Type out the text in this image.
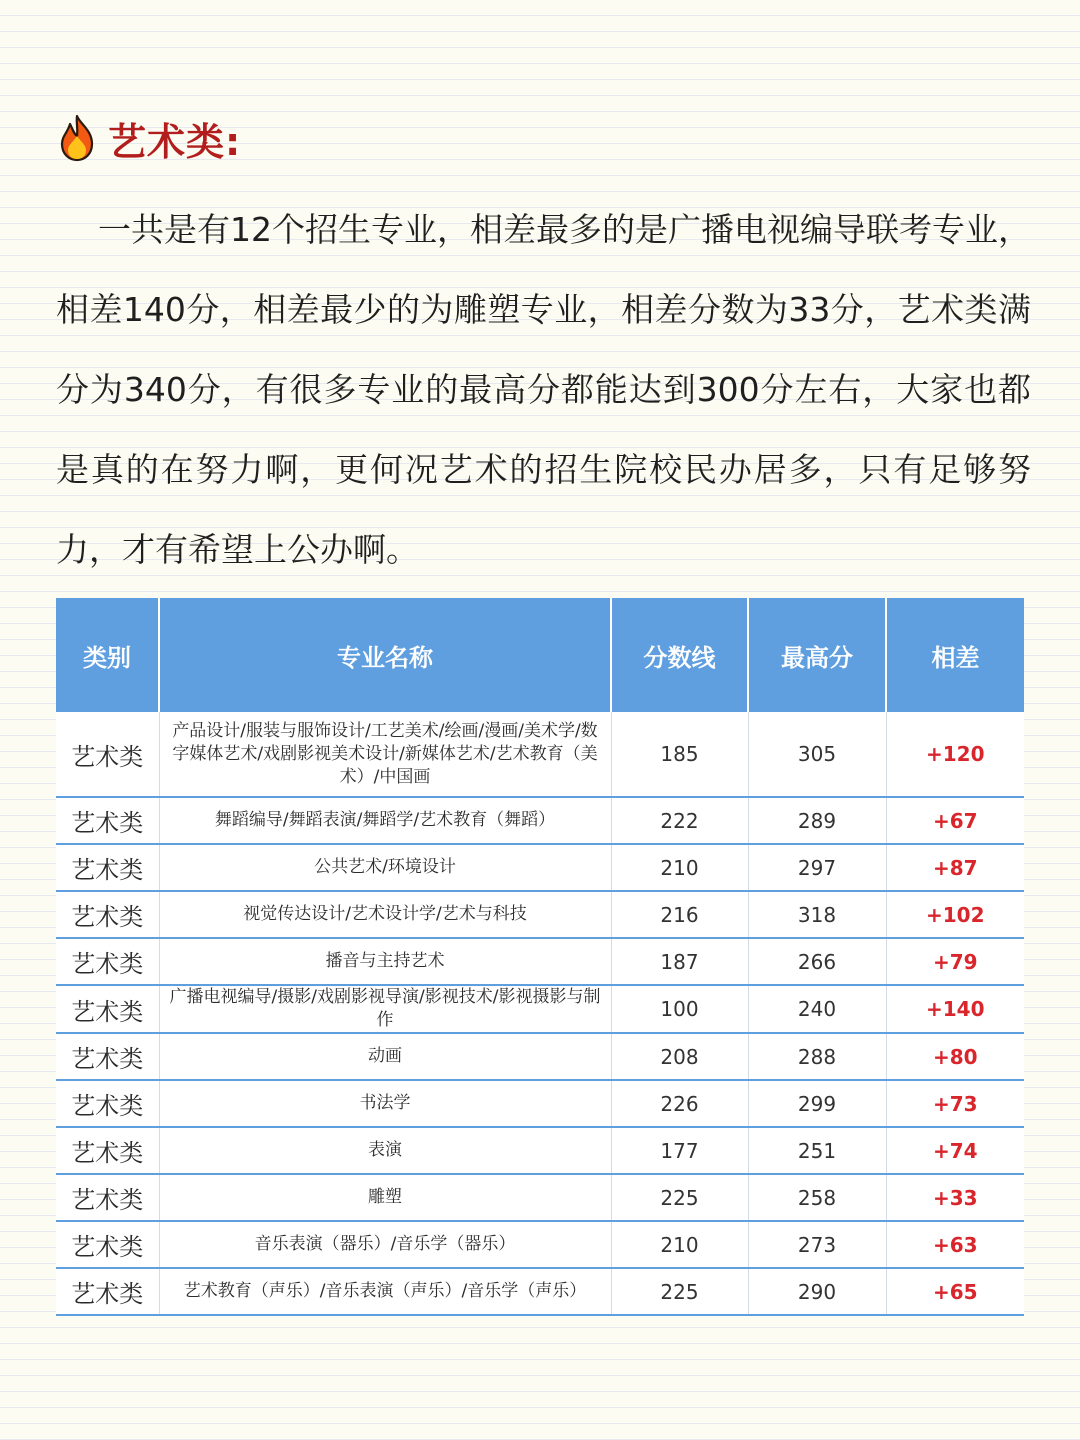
艺术类:
一共是有12个招生专业，相差最多的是广播电视编导联考专业，相差140分，相差最少的为雕塑专业，相差分数为33分，艺术类满分为340分，有很多专业的最高分都能达到300分左右，大家也都是真的在努力啊，更何况艺术的招生院校民办居多，只有足够努力，才有希望上公办啊。
类别	专业名称	分数线	最高分	相差
艺术类	产品设计/服装与服饰设计/工艺美术/绘画/漫画/美术学/数字媒体艺术/戏剧影视美术设计/新媒体艺术/艺术教育（美术）/中国画	185	305	+120
艺术类	舞蹈编导/舞蹈表演/舞蹈学/艺术教育（舞蹈）	222	289	+67
艺术类	公共艺术/环境设计	210	297	+87
艺术类	视觉传达设计/艺术设计学/艺术与科技	216	318	+102
艺术类	播音与主持艺术	187	266	+79
艺术类	广播电视编导/摄影/戏剧影视导演/影视技术/影视摄影与制作	100	240	+140
艺术类	动画	208	288	+80
艺术类	书法学	226	299	+73
艺术类	表演	177	251	+74
艺术类	雕塑	225	258	+33
艺术类	音乐表演（器乐）/音乐学（器乐）	210	273	+63
艺术类	艺术教育（声乐）/音乐表演（声乐）/音乐学（声乐）	225	290	+65
